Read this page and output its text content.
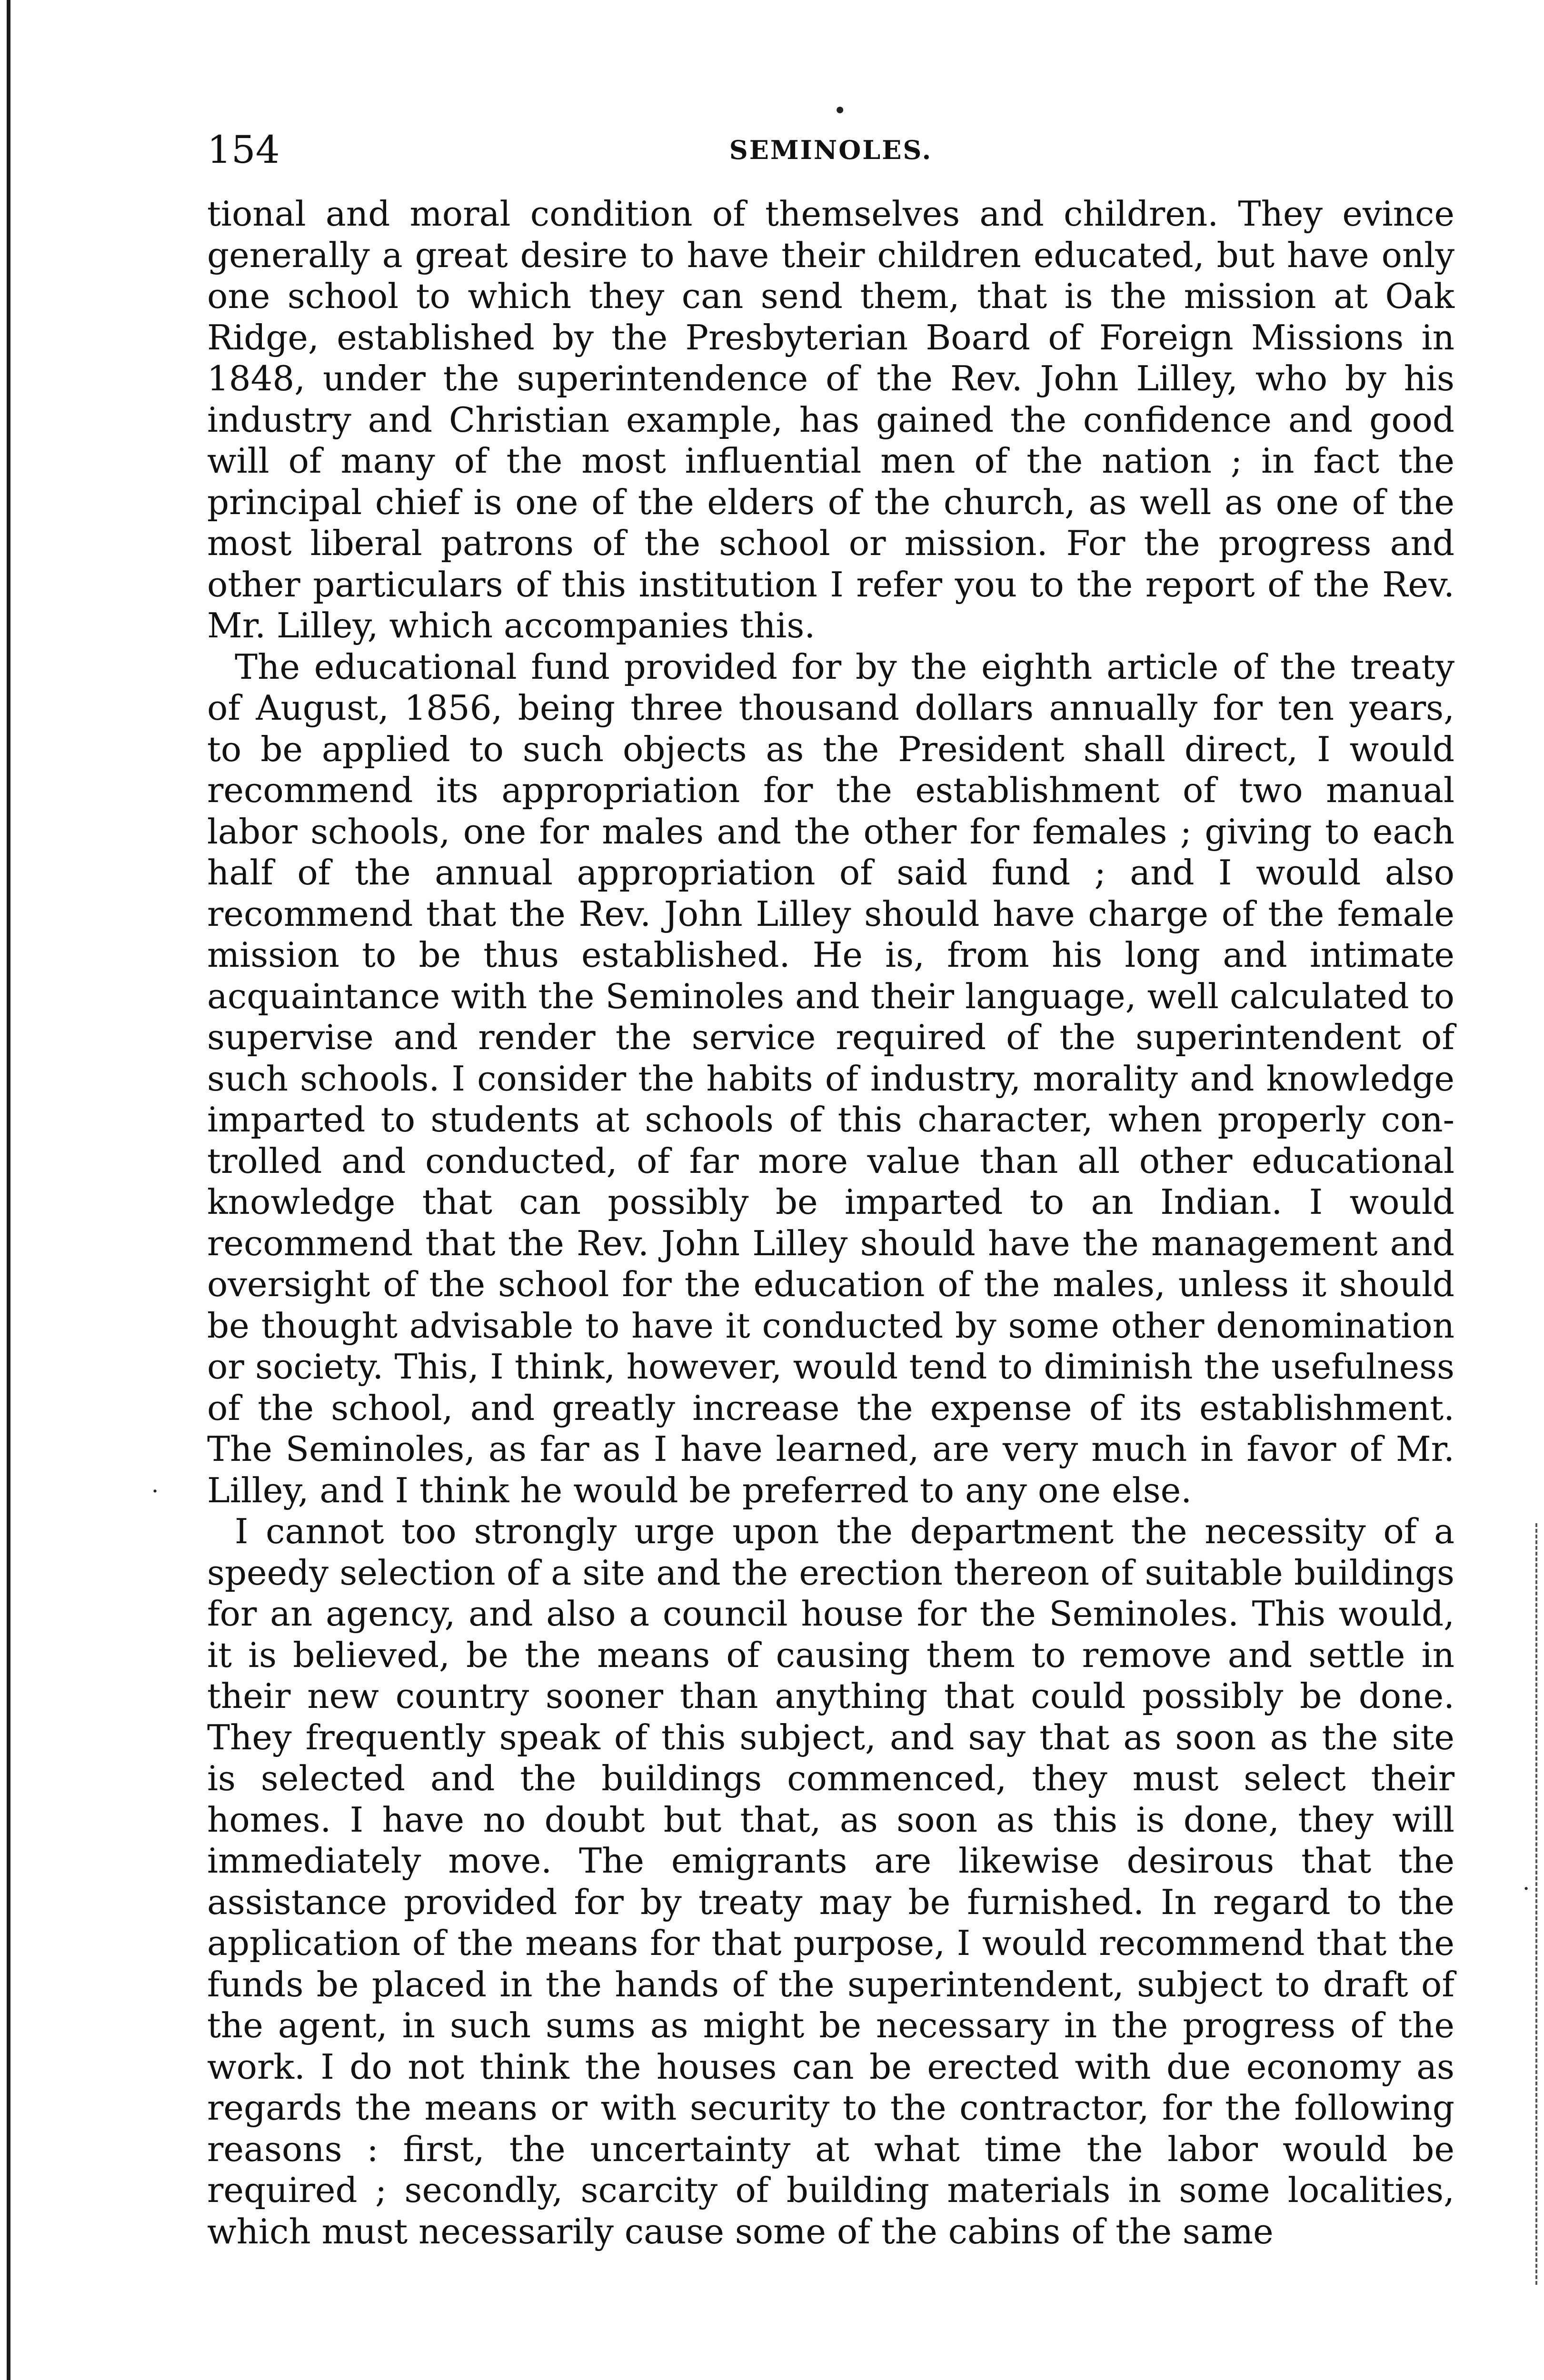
•
·
·
154	SEMINOLES.

tional and moral condition of themselves and children. They evince generally a great desire to have their children educated, but have only one school to which they can send them, that is the mission at Oak Ridge, established by the Presbyterian Board of Foreign Missions in 1848, under the superintendence of the Rev. John Lilley, who by his industry and Christian example, has gained the confidence and good will of many of the most influential men of the nation ; in fact the principal chief is one of the elders of the church, as well as one of the most liberal patrons of the school or mission. For the progress and other particulars of this institution I refer you to the report of the Rev. Mr. Lilley, which accompanies this.

The educational fund provided for by the eighth article of the treaty of August, 1856, being three thousand dollars annually for ten years, to be applied to such objects as the President shall direct, I would recommend its appropriation for the establishment of two manual labor schools, one for males and the other for females ; giving to each half of the annual appropriation of said fund ; and I would also recommend that the Rev. John Lilley should have charge of the female mission to be thus established. He is, from his long and intimate acquaintance with the Seminoles and their language, well calculated to supervise and render the service required of the superintendent of such schools. I consider the habits of industry, morality and knowledge imparted to students at schools of this character, when properly controlled and conducted, of far more value than all other educational knowledge that can possibly be imparted to an Indian. I would recommend that the Rev. John Lilley should have the management and oversight of the school for the education of the males, unless it should be thought advisable to have it conducted by some other denomination or society. This, I think, however, would tend to diminish the usefulness of the school, and greatly increase the expense of its establishment. The Seminoles, as far as I have learned, are very much in favor of Mr. Lilley, and I think he would be preferred to any one else.

I cannot too strongly urge upon the department the necessity of a speedy selection of a site and the erection thereon of suitable buildings for an agency, and also a council house for the Seminoles. This would, it is believed, be the means of causing them to remove and settle in their new country sooner than anything that could possibly be done. They frequently speak of this subject, and say that as soon as the site is selected and the buildings commenced, they must select their homes. I have no doubt but that, as soon as this is done, they will immediately move. The emigrants are likewise desirous that the assistance provided for by treaty may be furnished. In regard to the application of the means for that purpose, I would recommend that the funds be placed in the hands of the superintendent, subject to draft of the agent, in such sums as might be necessary in the progress of the work. I do not think the houses can be erected with due economy as regards the means or with security to the contractor, for the following reasons : first, the uncertainty at what time the labor would be required ; secondly, scarcity of building materials in some localities, which must necessarily cause some of the cabins of the same
